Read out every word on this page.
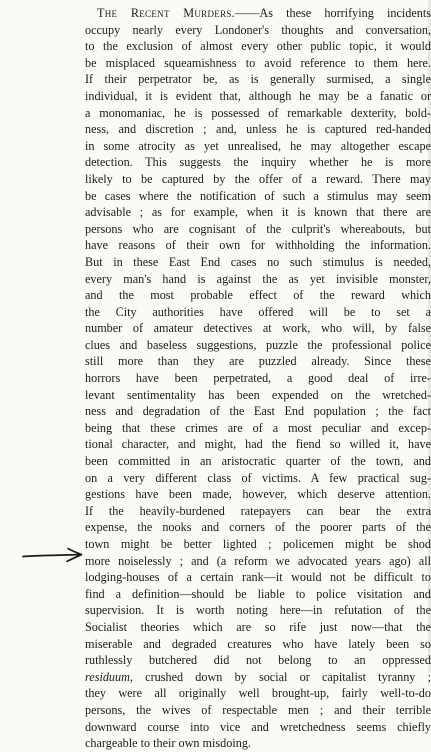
The Recent Murders.——As these horrifying incidents
occupy nearly every Londoner's thoughts and conversation,
to the exclusion of almost every other public topic, it would
be misplaced squeamishness to avoid reference to them here.
If their perpetrator be, as is generally surmised, a single
individual, it is evident that, although he may be a fanatic or
a monomaniac, he is possessed of remarkable dexterity, bold-
ness, and discretion ; and, unless he is captured red-handed
in some atrocity as yet unrealised, he may altogether escape
detection. This suggests the inquiry whether he is more
likely to be captured by the offer of a reward. There may
be cases where the notification of such a stimulus may seem
advisable ; as for example, when it is known that there are
persons who are cognisant of the culprit's whereabouts, but
have reasons of their own for withholding the information.
But in these East End cases no such stimulus is needed,
every man's hand is against the as yet invisible monster,
and the most probable effect of the reward which
the City authorities have offered will be to set a
number of amateur detectives at work, who will, by false
clues and baseless suggestions, puzzle the professional police
still more than they are puzzled already. Since these
horrors have been perpetrated, a good deal of irre-
levant sentimentality has been expended on the wretched-
ness and degradation of the East End population ; the fact
being that these crimes are of a most peculiar and excep-
tional character, and might, had the fiend so willed it, have
been committed in an aristocratic quarter of the town, and
on a very different class of victims. A few practical sug-
gestions have been made, however, which deserve attention.
If the heavily-burdened ratepayers can bear the extra
expense, the nooks and corners of the poorer parts of the
town might be better lighted ; policemen might be shod
more noiselessly ; and (a reform we advocated years ago) all
lodging-houses of a certain rank—it would not be difficult to
find a definition—should be liable to police visitation and
supervision. It is worth noting here—in refutation of the
Socialist theories which are so rife just now—that the
miserable and degraded creatures who have lately been so
ruthlessly butchered did not belong to an oppressed
residuum, crushed down by social or capitalist tyranny ;
they were all originally well brought-up, fairly well-to-do
persons, the wives of respectable men ; and their terrible
downward course into vice and wretchedness seems chiefly
chargeable to their own misdoing.
